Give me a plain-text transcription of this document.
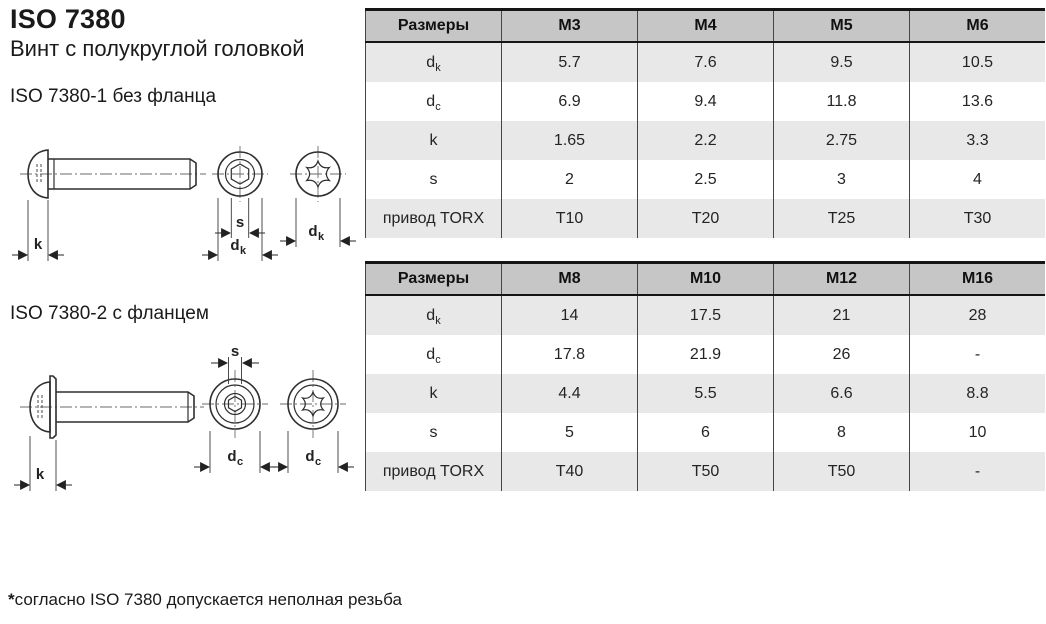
ISO 7380
Винт с полукруглой головкой
ISO 7380-1 без фланца
k
s
d k
d k
ISO 7380-2 с фланцем
k
s
d c	d c
*согласно ISO 7380 допускается неполная резьба
Размеры	M3	M4	M5	M6
$d_k$	5.7	7.6	9.5	10.5
$d_c$	6.9	9.4	11.8	13.6
k	1.65	2.2	2.75	3.3
s	2	2.5	3	4
привод TORX	T10	T20	T25	T30
Размеры	M8	M10	M12	M16
$d_k$	14	17.5	21	28
$d_c$	17.8	21.9	26	-
k	4.4	5.5	6.6	8.8
s	5	6	8	10
привод TORX	T40	T50	T50	-
